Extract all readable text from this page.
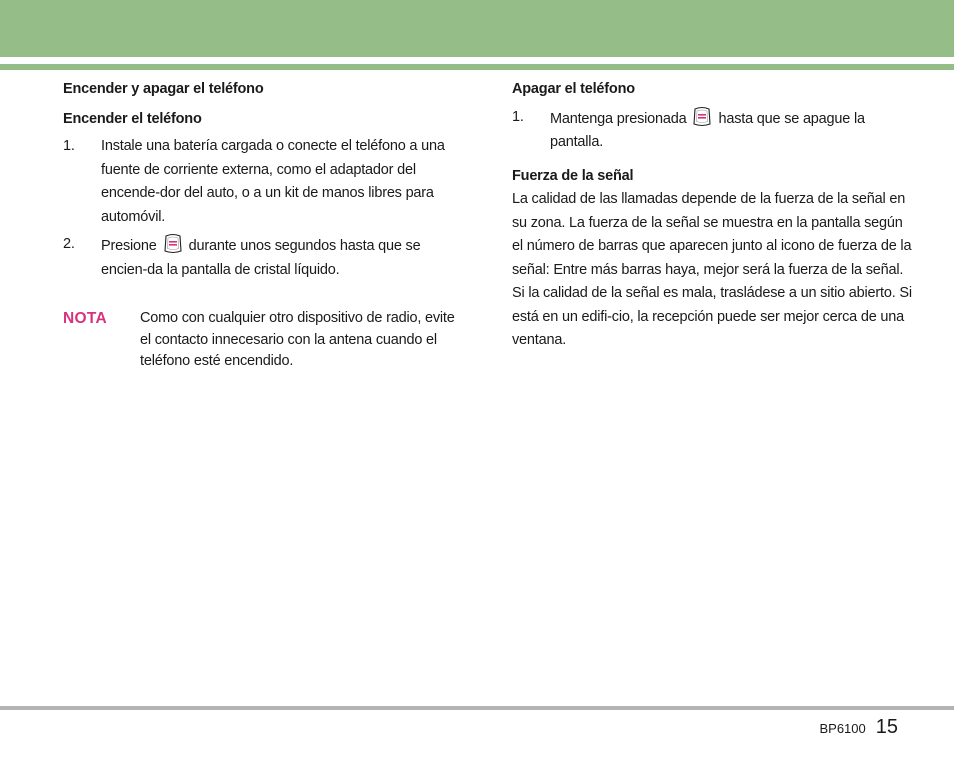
Encender y apagar el teléfono

Encender el teléfono

1.	Instale una batería cargada o conecte el teléfono a una fuente de corriente externa, como el adaptador del encende-dor del auto, o a un kit de manos libres para automóvil.
2.	Presione durante unos segundos hasta que se encien-da la pantalla de cristal líquido.
NOTA	Como con cualquier otro dispositivo de radio, evite el contacto innecesario con la antena cuando el teléfono esté encendido.

Apagar el teléfono

1.	Mantenga presionada hasta que se apague la pantalla.

Fuerza de la señal

La calidad de las llamadas depende de la fuerza de la señal en su zona. La fuerza de la señal se muestra en la pantalla según el número de barras que aparecen junto al icono de fuerza de la señal: Entre más barras haya, mejor será la fuerza de la señal. Si la calidad de la señal es mala, trasládese a un sitio abierto. Si está en un edifi-cio, la recepción puede ser mejor cerca de una ventana.

BP6100 15
